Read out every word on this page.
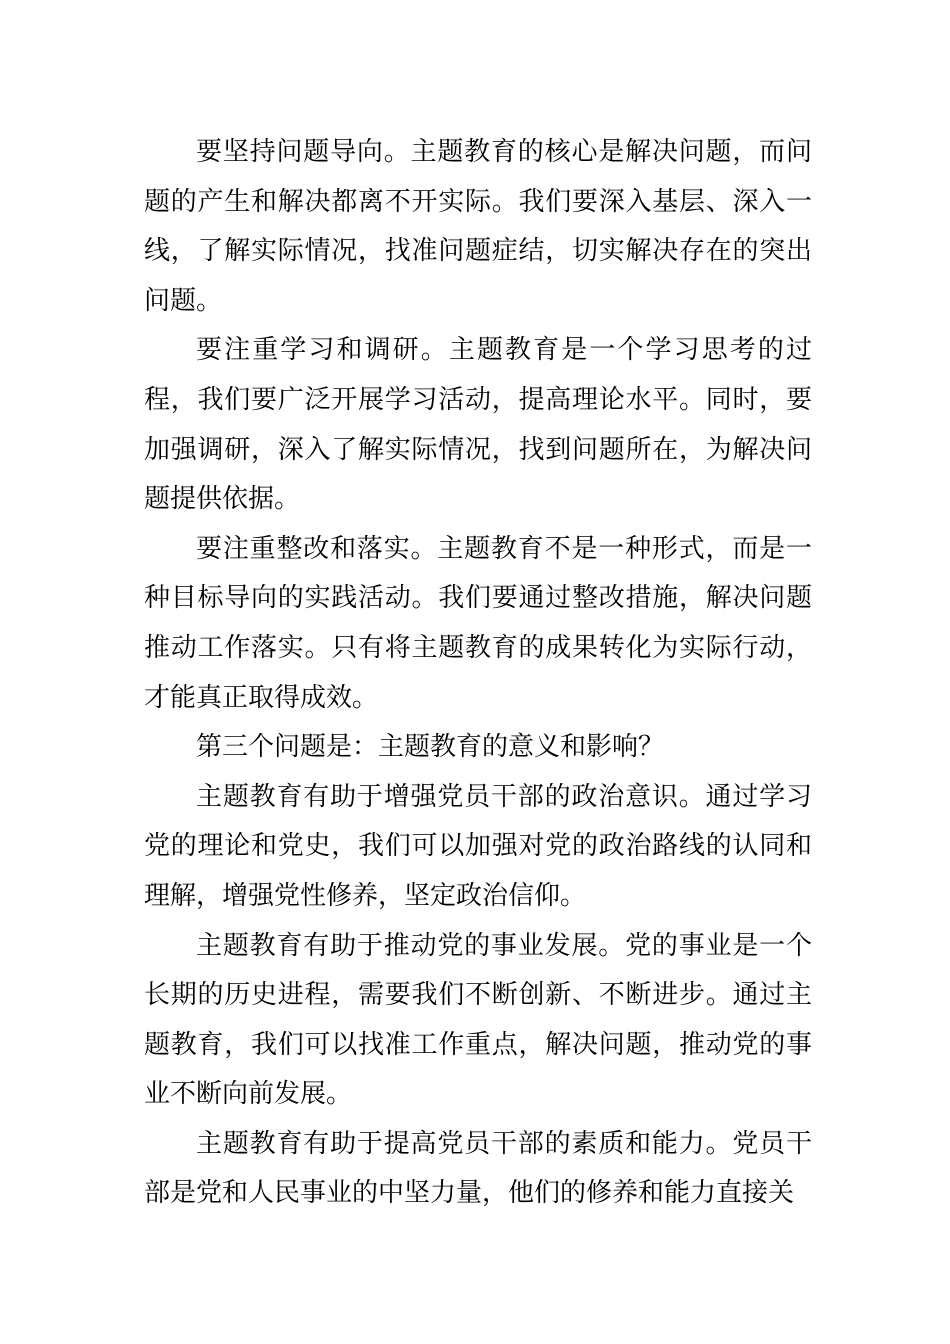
要坚持问题导向。主题教育的核心是解决问题，而问题的产生和解决都离不开实际。我们要深入基层、深入一线，了解实际情况，找准问题症结，切实解决存在的突出问题。

要注重学习和调研。主题教育是一个学习思考的过程，我们要广泛开展学习活动，提高理论水平。同时，要加强调研，深入了解实际情况，找到问题所在，为解决问题提供依据。

要注重整改和落实。主题教育不是一种形式，而是一种目标导向的实践活动。我们要通过整改措施，解决问题推动工作落实。只有将主题教育的成果转化为实际行动，才能真正取得成效。

第三个问题是：主题教育的意义和影响？

主题教育有助于增强党员干部的政治意识。通过学习党的理论和党史，我们可以加强对党的政治路线的认同和理解，增强党性修养，坚定政治信仰。

主题教育有助于推动党的事业发展。党的事业是一个长期的历史进程，需要我们不断创新、不断进步。通过主题教育，我们可以找准工作重点，解决问题，推动党的事业不断向前发展。

主题教育有助于提高党员干部的素质和能力。党员干部是党和人民事业的中坚力量，他们的修养和能力直接关
